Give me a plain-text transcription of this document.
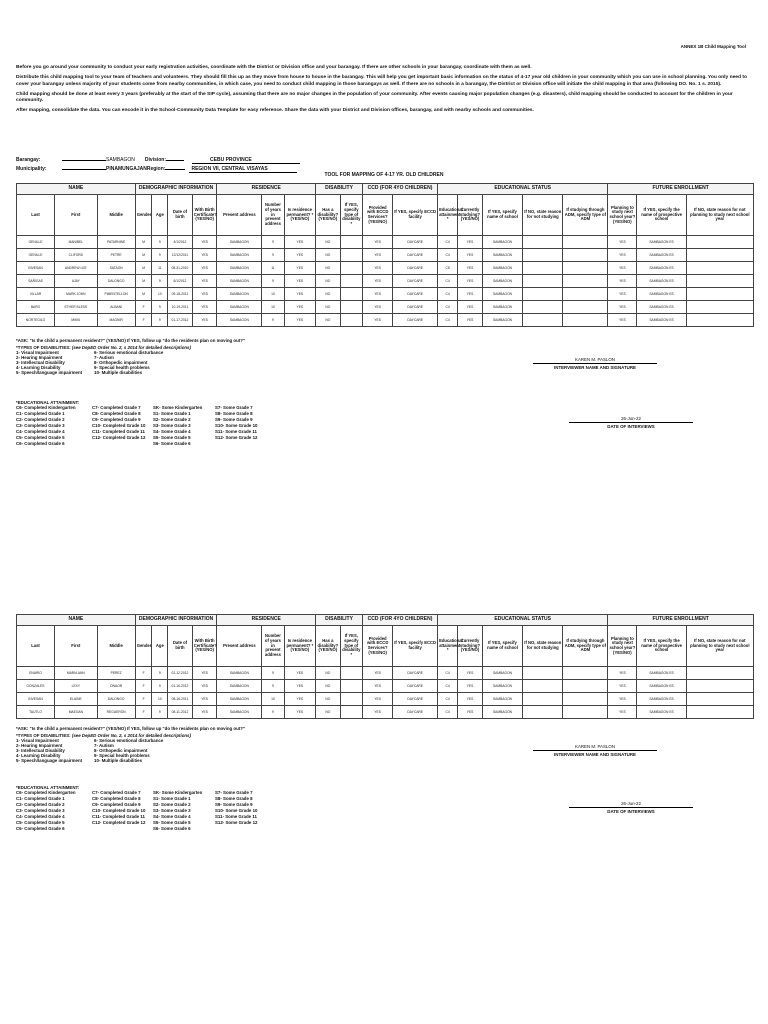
ANNEX 1B Child Mapping Tool

Before you go around your community to conduct your early registration activities, coordinate with the District or Division office and your barangay. If there are other schools in your barangay, coordinate with them as well.

Distribute this child mapping tool to your team of teachers and volunteers. They should fill this up as they move from house to house in the barangay. This will help you get important basic information on the status of 4-17 year old children in your community which you can use in school planning. You only need to cover your barangay unless majority of your students come from nearby communities, in which case, you need to conduct child mapping in those barangays as well. If there are no schools in a barangay, the District or Division office will initiate the child mapping in that area (following DO. No. 1 s. 2015).

Child mapping should be done at least every 3 years (preferably at the start of the SIP cycle), assuming that there are no major changes in the population of your community. After events causing major population changes (e.g. disasters), child mapping should be conducted to account for the children in your community.

After mapping, consolidate the data. You can encode it in the School-Community Data Template for easy reference. Share the data with your District and Division offices, barangay, and with nearby schools and communities.

Barangay:	SAMBAGON Division:	CEBU PROVINCE
Municipality:	PINAMUNGAJAN Region:	REGION VII, CENTRAL VISAYAS
TOOL FOR MAPPING OF 4-17 YR. OLD CHILDREN
NAME			DEMOGRAPHIC INFORMATION				RESIDENCE			DISABILITY		CCD (FOR 4YO CHILDREN)		EDUCATIONAL STATUS					FUTURE ENROLLMENT		
Last	First	Middle	Gender	Age	Date of birth	With Birth Certificate? (YES/NO)	Present address	Number of years in present address	Is residence permanent? * (YES/NO)	Has a disability? (YES/NO)	If YES, specify type of disability *	Provided with ECCD Services? (YES/NO)	If YES, specify ECCD facility	Educational attainment *	Currently studying? (YES/NO)	If YES, specify name of school	If NO, state reason for not studying	If studying through ADM, specify type of ADM	Planning to study next school year? (YES/NO)	If YES, specify the name of prospective school	If NO, state reason for not planning to study next school year
GENILLE	MANIBEL	PATARNINE	M	9	4/1/2012	YES	SAMBAGON	9	YES	NO		YES	DAYCARE	C4	YES	SAMBAGON			YES	SAMBAGON ES	
GENILLE	CLIFORD	PETRE	M	9	12/12/2011	YES	SAMBAGON	9	YES	NO		YES	DAYCARE	C4	YES	SAMBAGON			YES	SAMBAGON ES	
INVESAN	ANDREW LEE	SATAON	M	11	08-31-2010	YES	SAMBAGON	11	YES	NO		YES	DAYCARE	C5	YES	SAMBAGON			YES	SAMBAGON ES	
SAÑIGAS	AJAY	DALONGO	M	9	6/1/2012	YES	SAMBAGON	9	YES	NO		YES	DAYCARE	C4	YES	SAMBAGON			YES	SAMBAGON ES	
VILLAR	MARK JOHN	PIMENTELLON	M	10	09-18-2011	YES	SAMBAGON	10	YES	NO		YES	DAYCARE	C4	YES	SAMBAGON			YES	SAMBAGON ES	
BARO	ETHER BLESS	ALBANI	F	9	10-19-2011	YES	SAMBAGON	10	YES	NO		YES	DAYCARE	C4	YES	SAMBAGON			YES	SAMBAGON ES	
NORTEGILO	MIKKI	MAGNIR	F	9	01-17-2012	YES	SAMBAGON	9	YES	NO		YES	DAYCARE	C4	YES	SAMBAGON			YES	SAMBAGON ES	
*ASK: "Is the child a permanent resident?" (YES/NO) If YES, follow up "do the residents plan on moving out?"
*TYPES OF DISABILITIES: (see DepED Order No. 2, s 2014 for detailed descriptions)
1- Visual Impairment
2- Hearing Impairment
3- Intellectual Disability
4- Learning Disability
5- Speech/language impairment
6- Serious emotional disturbance
7- Autism
8- Orthopedic impairment
9- Special health problems
10- Multiple disabilities
*EDUCATIONAL ATTAINMENT:
C6- Completed Kindergarten	C7- Completed Grade 7	SK- Some Kindergarten	S7- Some Grade 7
C1- Completed Grade 1	C8- Completed Grade 8	S1- Some Grade 1	S8- Some Grade 8
C2- Completed Grade 2	C9- Completed Grade 9	S2- Some Grade 2	S9- Some Grade 9
C3- Completed Grade 3	C10- Completed Grade 10	S3- Some Grade 3	S10- Some Grade 10
C4- Completed Grade 4	C11- Completed Grade 11	S4- Some Grade 4	S11- Some Grade 11
C5- Completed Grade 5	C12- Completed Grade 12	S5- Some Grade 5	S12- Some Grade 12
C6- Completed Grade 6	S6- Some Grade 6
KAREN M. PASLON
INTERVIEWER NAME AND SIGNATURE
26-Jun-22
DATE OF INTERVIEWS
NAME			DEMOGRAPHIC INFORMATION				RESIDENCE			DISABILITY		CCD (FOR 4YO CHILDREN)		EDUCATIONAL STATUS					FUTURE ENROLLMENT		
Last	First	Middle	Gender	Age	Date of birth	With Birth Certificate? (YES/NO)	Present address	Number of years in present address	Is residence permanent? * (YES/NO)	Has a disability? (YES/NO)	If YES, specify type of disability *	Provided with ECCD Services? (YES/NO)	If YES, specify ECCD facility	Educational attainment *	Currently studying? (YES/NO)	If YES, specify name of school	If NO, state reason for not studying	If studying through ADM, specify type of ADM	Planning to study next school year? (YES/NO)	If YES, specify the name of prospective school	If NO, state reason for not planning to study next school year
ENARIO	MARIA ANN	PEREZ	F	9	02-12-2012	YES	SAMBAGON	9	YES	NO		YES	DAYCARE	C4	YES	SAMBAGON			YES	SAMBAGON ES	
GONZALES	LEXY	ONAOR	F	9	01-16-2012	YES	SAMBAGON	9	YES	NO		YES	DAYCARE	C4	YES	SAMBAGON			YES	SAMBAGON ES	
INVESAN	ELAINE	DALONGO	F	10	08-16-2011	YES	SAMBAGON	10	YES	NO		YES	DAYCARE	C4	YES	SAMBAGON			YES	SAMBAGON ES	
TAUTLO	MAEGAN	REGUERON	F	9	08-11-2012	YES	SAMBAGON	9	YES	NO		YES	DAYCARE	C4	YES	SAMBAGON			YES	SAMBAGON ES	
*ASK: "Is the child a permanent resident?" (YES/NO) If YES, follow up "do the residents plan on moving out?"
*TYPES OF DISABILITIES: (see DepED Order No. 2, s 2014 for detailed descriptions)
1- Visual Impairment
2- Hearing Impairment
3- Intellectual Disability
4- Learning Disability
5- Speech/language impairment
6- Serious emotional disturbance
7- Autism
8- Orthopedic impairment
9- Special health problems
10- Multiple disabilities
*EDUCATIONAL ATTAINMENT:
C6- Completed Kindergarten	C7- Completed Grade 7	SK- Some Kindergarten	S7- Some Grade 7
C1- Completed Grade 1	C8- Completed Grade 8	S1- Some Grade 1	S8- Some Grade 8
C2- Completed Grade 2	C9- Completed Grade 9	S2- Some Grade 2	S9- Some Grade 9
C3- Completed Grade 3	C10- Completed Grade 10	S3- Some Grade 3	S10- Some Grade 10
C4- Completed Grade 4	C11- Completed Grade 11	S4- Some Grade 4	S11- Some Grade 11
C5- Completed Grade 5	C12- Completed Grade 12	S5- Some Grade 5	S12- Some Grade 12
C6- Completed Grade 6	S6- Some Grade 6
KAREN M. PASLON
INTERVIEWER NAME AND SIGNATURE
26-Jun-22
DATE OF INTERVIEWS
